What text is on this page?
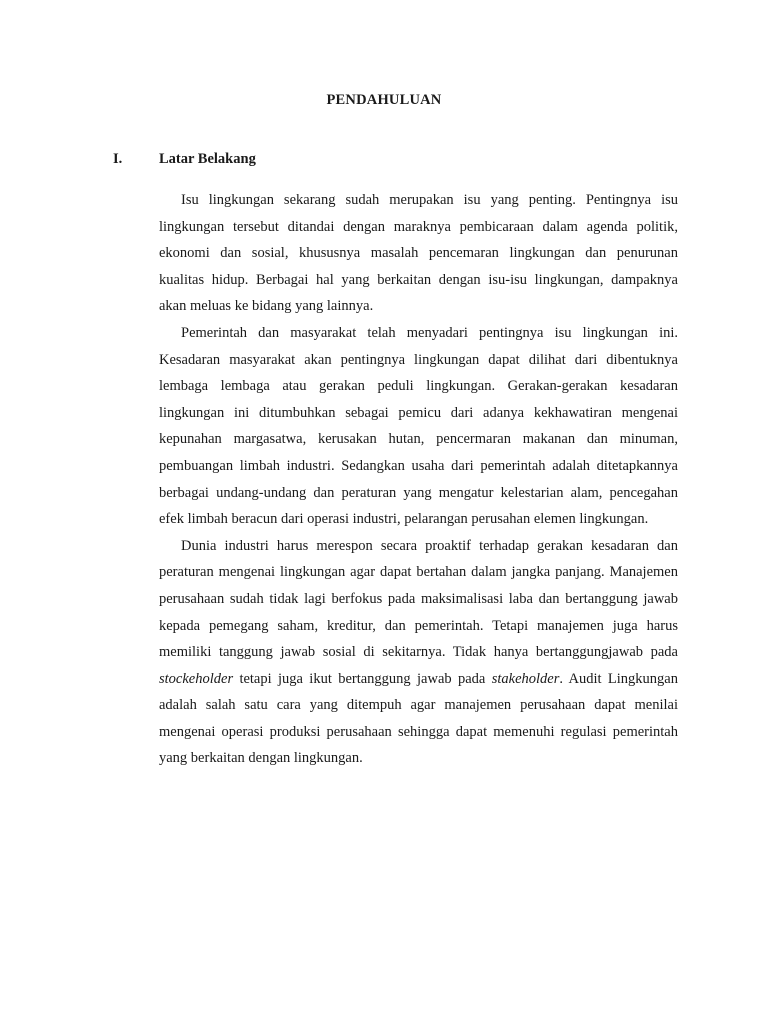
PENDAHULUAN
I.	Latar Belakang
Isu lingkungan sekarang sudah merupakan isu yang penting. Pentingnya isu
lingkungan tersebut ditandai dengan maraknya pembicaraan dalam agenda politik,
ekonomi dan sosial, khususnya masalah pencemaran lingkungan dan penurunan
kualitas hidup. Berbagai hal yang berkaitan dengan isu-isu lingkungan, dampaknya
akan meluas ke bidang yang lainnya.
Pemerintah dan masyarakat telah menyadari pentingnya isu lingkungan ini.
Kesadaran masyarakat akan pentingnya lingkungan dapat dilihat dari dibentuknya
lembaga lembaga atau gerakan peduli lingkungan. Gerakan-gerakan kesadaran
lingkungan ini ditumbuhkan sebagai pemicu dari adanya kekhawatiran mengenai
kepunahan margasatwa, kerusakan hutan, pencermaran makanan dan minuman,
pembuangan limbah industri. Sedangkan usaha dari pemerintah adalah ditetapkannya
berbagai undang-undang dan peraturan yang mengatur kelestarian alam, pencegahan
efek limbah beracun dari operasi industri, pelarangan perusahan elemen lingkungan.
Dunia industri harus merespon secara proaktif terhadap gerakan kesadaran dan
peraturan mengenai lingkungan agar dapat bertahan dalam jangka panjang. Manajemen
perusahaan sudah tidak lagi berfokus pada maksimalisasi laba dan bertanggung jawab
kepada pemegang saham, kreditur, dan pemerintah. Tetapi manajemen juga harus
memiliki tanggung jawab sosial di sekitarnya. Tidak hanya bertanggungjawab pada
stockeholder tetapi juga ikut bertanggung jawab pada stakeholder. Audit Lingkungan
adalah salah satu cara yang ditempuh agar manajemen perusahaan dapat menilai
mengenai operasi produksi perusahaan sehingga dapat memenuhi regulasi pemerintah
yang berkaitan dengan lingkungan.
